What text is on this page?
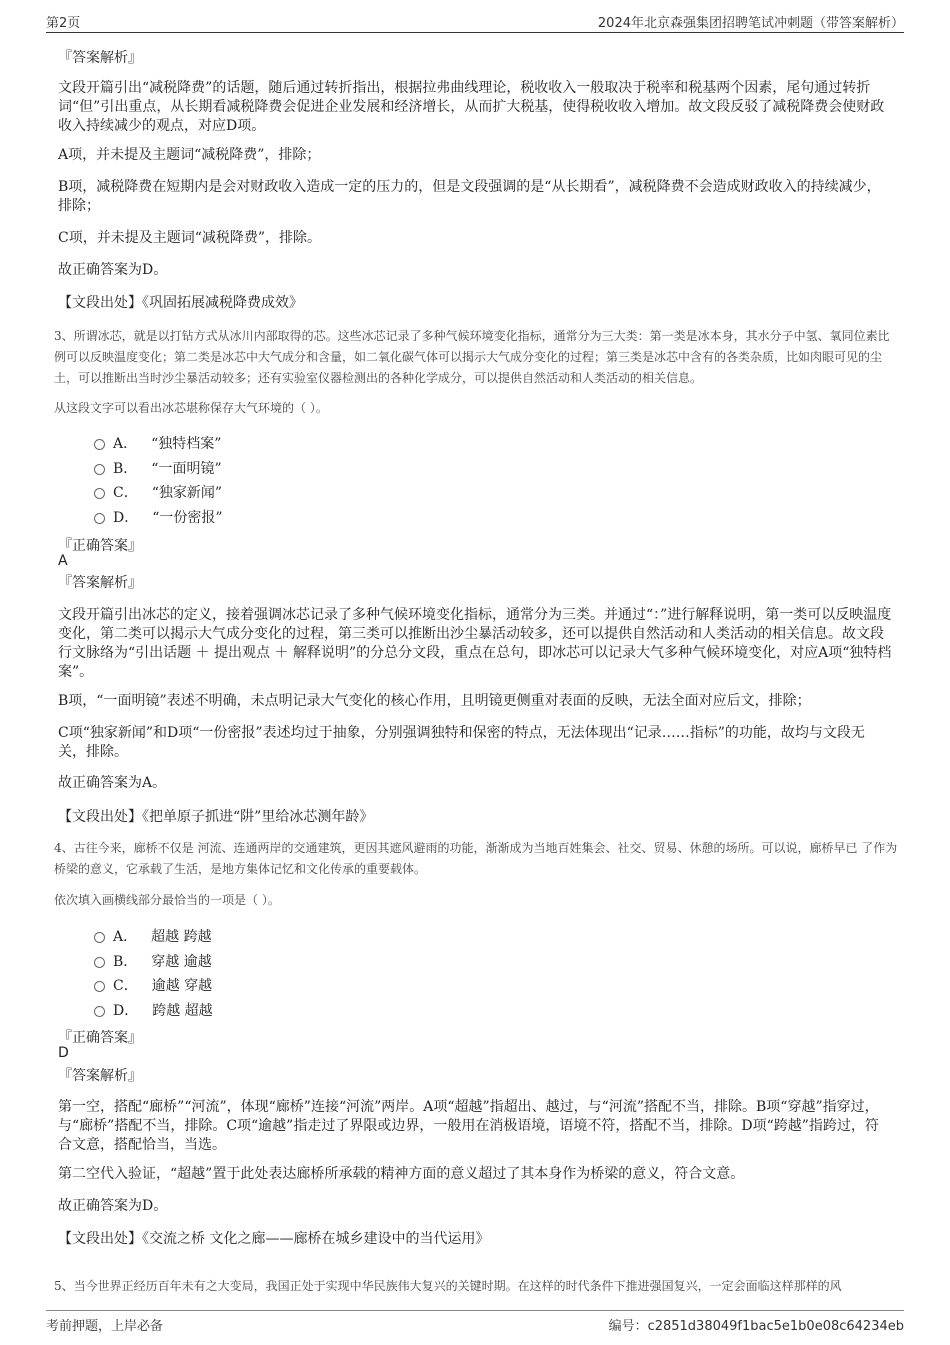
第2页	2024年北京森强集团招聘笔试冲刺题（带答案解析）
『答案解析』
文段开篇引出“减税降费”的话题，随后通过转折指出，根据拉弗曲线理论，税收收入一般取决于税率和税基两个因素，尾句通过转折词“但”引出重点，从长期看减税降费会促进企业发展和经济增长，从而扩大税基，使得税收收入增加。故文段反驳了减税降费会使财政收入持续减少的观点，对应D项。
A项，并未提及主题词“减税降费”，排除；
B项，减税降费在短期内是会对财政收入造成一定的压力的，但是文段强调的是“从长期看”，减税降费不会造成财政收入的持续减少，排除；
C项，并未提及主题词“减税降费”，排除。
故正确答案为D。
【文段出处】《巩固拓展减税降费成效》
3、所谓冰芯，就是以打钻方式从冰川内部取得的芯。这些冰芯记录了多种气候环境变化指标，通常分为三大类：第一类是冰本身，其水分子中氢、氧同位素比例可以反映温度变化；第二类是冰芯中大气成分和含量，如二氧化碳气体可以揭示大气成分变化的过程；第三类是冰芯中含有的各类杂质，比如肉眼可见的尘土，可以推断出当时沙尘暴活动较多；还有实验室仪器检测出的各种化学成分，可以提供自然活动和人类活动的相关信息。
从这段文字可以看出冰芯堪称保存大气环境的（ ）。
A． “独特档案”
B． “一面明镜”
C． “独家新闻”
D． “一份密报”
『正确答案』
A
『答案解析』
文段开篇引出冰芯的定义，接着强调冰芯记录了多种气候环境变化指标，通常分为三类。并通过“：”进行解释说明，第一类可以反映温度变化，第二类可以揭示大气成分变化的过程，第三类可以推断出沙尘暴活动较多，还可以提供自然活动和人类活动的相关信息。故文段行文脉络为“引出话题 ＋ 提出观点 ＋ 解释说明”的分总分文段，重点在总句，即冰芯可以记录大气多种气候环境变化，对应A项“独特档案”。
B项，“一面明镜”表述不明确，未点明记录大气变化的核心作用，且明镜更侧重对表面的反映，无法全面对应后文，排除；
C项“独家新闻”和D项“一份密报”表述均过于抽象，分别强调独特和保密的特点，无法体现出“记录……指标”的功能，故均与文段无关，排除。
故正确答案为A。
【文段出处】《把单原子抓进“阱”里给冰芯测年龄》
4、古往今来，廊桥不仅是 河流、连通两岸的交通建筑，更因其遮风避雨的功能，渐渐成为当地百姓集会、社交、贸易、休憩的场所。可以说，廊桥早已 了作为桥梁的意义，它承载了生活，是地方集体记忆和文化传承的重要载体。
依次填入画横线部分最恰当的一项是（ ）。
A． 超越 跨越
B． 穿越 逾越
C． 逾越 穿越
D． 跨越 超越
『正确答案』
D
『答案解析』
第一空，搭配“廊桥”“河流”，体现“廊桥”连接“河流”两岸。A项“超越”指超出、越过，与“河流”搭配不当，排除。B项“穿越”指穿过，与“廊桥”搭配不当，排除。C项“逾越”指走过了界限或边界，一般用在消极语境，语境不符，搭配不当，排除。D项“跨越”指跨过，符合文意，搭配恰当，当选。
第二空代入验证，“超越”置于此处表达廊桥所承载的精神方面的意义超过了其本身作为桥梁的意义，符合文意。
故正确答案为D。
【文段出处】《交流之桥 文化之廊——廊桥在城乡建设中的当代运用》
5、当今世界正经历百年未有之大变局，我国正处于实现中华民族伟大复兴的关键时期。在这样的时代条件下推进强国复兴，一定会面临这样那样的风
考前押题，上岸必备	编号：c2851d38049f1bac5e1b0e08c64234eb
